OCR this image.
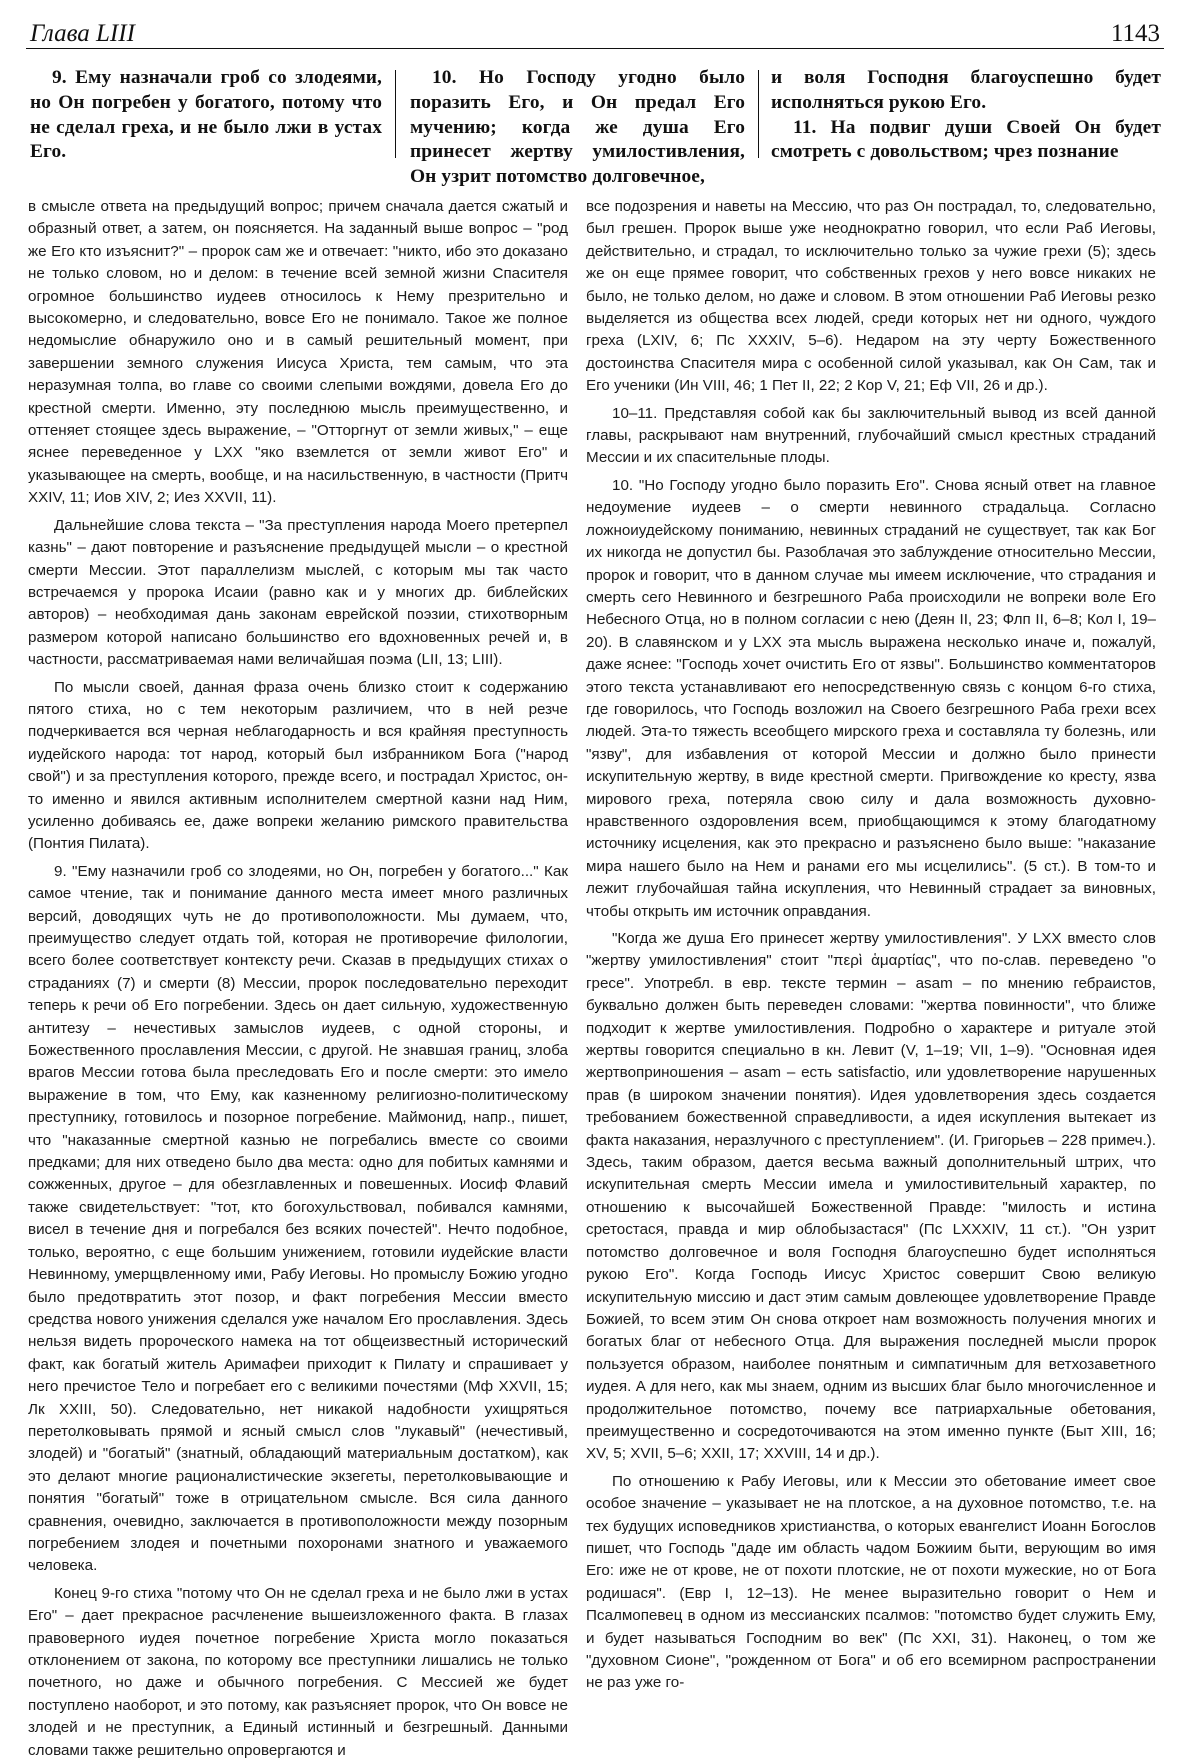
Глава LIII	1143

9. Ему назначали гроб со злодеями, но Он погребен у богатого, потому что не сделал греха, и не было лжи в устах Его.

10. Но Господу угодно было поразить Его, и Он предал Его мучению; когда же душа Его принесет жертву умилостивления, Он узрит потомство долговечное,

и воля Господня благоуспешно будет исполняться рукою Его.

11. На подвиг души Своей Он будет смотреть с довольством; чрез познание

в смысле ответа на предыдущий вопрос; причем сначала дается сжатый и образный ответ, а затем, он поясняется. На заданный выше вопрос – "род же Его кто изъяснит?" – пророк сам же и отвечает: "никто, ибо это доказано не только словом, но и делом: в течение всей земной жизни Спасителя огромное большинство иудеев относилось к Нему презрительно и высокомерно, и следовательно, вовсе Его не понимало. Такое же полное недомыслие обнаружило оно и в самый решительный момент, при завершении земного служения Иисуса Христа, тем самым, что эта неразумная толпа, во главе со своими слепыми вождями, довела Его до крестной смерти. Именно, эту последнюю мысль преимущественно, и оттеняет стоящее здесь выражение, – "Отторгнут от земли живых," – еще яснее переведенное у LXX "яко вземлется от земли живот Его" и указывающее на смерть, вообще, и на насильственную, в частности (Притч XXIV, 11; Иов XIV, 2; Иез XXVII, 11).

Дальнейшие слова текста – "За преступления народа Моего претерпел казнь" – дают повторение и разъяснение предыдущей мысли – о крестной смерти Мессии. Этот параллелизм мыслей, с которым мы так часто встречаемся у пророка Исаии (равно как и у многих др. библейских авторов) – необходимая дань законам еврейской поэзии, стихотворным размером которой написано большинство его вдохновенных речей и, в частности, рассматриваемая нами величайшая поэма (LII, 13; LIII).

По мысли своей, данная фраза очень близко стоит к содержанию пятого стиха, но с тем некоторым различием, что в ней резче подчеркивается вся черная неблагодарность и вся крайняя преступность иудейского народа: тот народ, который был избранником Бога ("народ свой") и за преступления которого, прежде всего, и пострадал Христос, он-то именно и явился активным исполнителем смертной казни над Ним, усиленно добиваясь ее, даже вопреки желанию римского правительства (Понтия Пилата).

9. "Ему назначили гроб со злодеями, но Он, погребен у богатого..." Как самое чтение, так и понимание данного места имеет много различных версий, доводящих чуть не до противоположности. Мы думаем, что, преимущество следует отдать той, которая не противоречие филологии, всего более соответствует контексту речи. Сказав в предыдущих стихах о страданиях (7) и смерти (8) Мессии, пророк последовательно переходит теперь к речи об Его погребении. Здесь он дает сильную, художественную антитезу – нечестивых замыслов иудеев, с одной стороны, и Божественного прославления Мессии, с другой. Не знавшая границ, злоба врагов Мессии готова была преследовать Его и после смерти: это имело выражение в том, что Ему, как казненному религиозно-политическому преступнику, готовилось и позорное погребение. Маймонид, напр., пишет, что "наказанные смертной казнью не погребались вместе со своими предками; для них отведено было два места: одно для побитых камнями и сожженных, другое – для обезглавленных и повешенных. Иосиф Флавий также свидетельствует: "тот, кто богохульствовал, побивался камнями, висел в течение дня и погребался без всяких почестей". Нечто подобное, только, вероятно, с еще большим унижением, готовили иудейские власти Невинному, умерщвленному ими, Рабу Иеговы. Но промыслу Божию угодно было предотвратить этот позор, и факт погребения Мессии вместо средства нового унижения сделался уже началом Его прославления. Здесь нельзя видеть пророческого намека на тот общеизвестный исторический факт, как богатый житель Аримафеи приходит к Пилату и спрашивает у него пречистое Тело и погребает его с великими почестями (Мф XXVII, 15; Лк XXIII, 50). Следовательно, нет никакой надобности ухищряться перетолковывать прямой и ясный смысл слов "лукавый" (нечестивый, злодей) и "богатый" (знатный, обладающий материальным достатком), как это делают многие рационалистические экзегеты, перетолковывающие и понятия "богатый" тоже в отрицательном смысле. Вся сила данного сравнения, очевидно, заключается в противоположности между позорным погребением злодея и почетными похоронами знатного и уважаемого человека.

Конец 9-го стиха "потому что Он не сделал греха и не было лжи в устах Его" – дает прекрасное расчленение вышеизложенного факта. В глазах правоверного иудея почетное погребение Христа могло показаться отклонением от закона, по которому все преступники лишались не только почетного, но даже и обычного погребения. С Мессией же будет поступлено наоборот, и это потому, как разъясняет пророк, что Он вовсе не злодей и не преступник, а Единый истинный и безгрешный. Данными словами также решительно опровергаются и

все подозрения и наветы на Мессию, что раз Он пострадал, то, следовательно, был грешен. Пророк выше уже неоднократно говорил, что если Раб Иеговы, действительно, и страдал, то исключительно только за чужие грехи (5); здесь же он еще прямее говорит, что собственных грехов у него вовсе никаких не было, не только делом, но даже и словом. В этом отношении Раб Иеговы резко выделяется из общества всех людей, среди которых нет ни одного, чуждого греха (LXIV, 6; Пс XXXIV, 5–6). Недаром на эту черту Божественного достоинства Спасителя мира с особенной силой указывал, как Он Сам, так и Его ученики (Ин VIII, 46; 1 Пет II, 22; 2 Кор V, 21; Еф VII, 26 и др.).

10–11. Представляя собой как бы заключительный вывод из всей данной главы, раскрывают нам внутренний, глубочайший смысл крестных страданий Мессии и их спасительные плоды.

10. "Но Господу угодно было поразить Его". Снова ясный ответ на главное недоумение иудеев – о смерти невинного страдальца. Согласно ложноиудейскому пониманию, невинных страданий не существует, так как Бог их никогда не допустил бы. Разоблачая это заблуждение относительно Мессии, пророк и говорит, что в данном случае мы имеем исключение, что страдания и смерть сего Невинного и безгрешного Раба происходили не вопреки воле Его Небесного Отца, но в полном согласии с нею (Деян II, 23; Флп II, 6–8; Кол I, 19–20). В славянском и у LXX эта мысль выражена несколько иначе и, пожалуй, даже яснее: "Господь хочет очистить Его от язвы". Большинство комментаторов этого текста устанавливают его непосредственную связь с концом 6-го стиха, где говорилось, что Господь возложил на Своего безгрешного Раба грехи всех людей. Эта-то тяжесть всеобщего мирского греха и составляла ту болезнь, или "язву", для избавления от которой Мессии и должно было принести искупительную жертву, в виде крестной смерти. Пригвождение ко кресту, язва мирового греха, потеряла свою силу и дала возможность духовно-нравственного оздоровления всем, приобщающимся к этому благодатному источнику исцеления, как это прекрасно и разъяснено было выше: "наказание мира нашего было на Нем и ранами его мы исцелились". (5 ст.). В том-то и лежит глубочайшая тайна искупления, что Невинный страдает за виновных, чтобы открыть им источник оправдания.

"Когда же душа Его принесет жертву умилостивления". У LXX вместо слов "жертву умилостивления" стоит "περὶ ἁμαρτίας", что по-слав. переведено "о гресе". Употребл. в евр. тексте термин – asam – по мнению гебраистов, буквально должен быть переведен словами: "жертва повинности", что ближе подходит к жертве умилостивления. Подробно о характере и ритуале этой жертвы говорится специально в кн. Левит (V, 1–19; VII, 1–9). "Основная идея жертвоприношения – asam – есть satisfactio, или удовлетворение нарушенных прав (в широком значении понятия). Идея удовлетворения здесь создается требованием божественной справедливости, а идея искупления вытекает из факта наказания, неразлучного с преступлением". (И. Григорьев – 228 примеч.). Здесь, таким образом, дается весьма важный дополнительный штрих, что искупительная смерть Мессии имела и умилостивительный характер, по отношению к высочайшей Божественной Правде: "милость и истина сретостася, правда и мир облобызастася" (Пс LXXXIV, 11 ст.). "Он узрит потомство долговечное и воля Господня благоуспешно будет исполняться рукою Его". Когда Господь Иисус Христос совершит Свою великую искупительную миссию и даст этим самым довлеющее удовлетворение Правде Божией, то всем этим Он снова откроет нам возможность получения многих и богатых благ от небесного Отца. Для выражения последней мысли пророк пользуется образом, наиболее понятным и симпатичным для ветхозаветного иудея. А для него, как мы знаем, одним из высших благ было многочисленное и продолжительное потомство, почему все патриархальные обетования, преимущественно и сосредоточиваются на этом именно пункте (Быт XIII, 16; XV, 5; XVII, 5–6; XXII, 17; XXVIII, 14 и др.).

По отношению к Рабу Иеговы, или к Мессии это обетование имеет свое особое значение – указывает не на плотское, а на духовное потомство, т.е. на тех будущих исповедников христианства, о которых евангелист Иоанн Богослов пишет, что Господь "даде им область чадом Божиим быти, верующим во имя Его: иже не от крове, не от похоти плотские, не от похоти мужеские, но от Бога родишася". (Евр I, 12–13). Не менее выразительно говорит о Нем и Псалмопевец в одном из мессианских псалмов: "потомство будет служить Ему, и будет называться Господним во век" (Пс XXI, 31). Наконец, о том же "духовном Сионе", "рожденном от Бога" и об его всемирном распространении не раз уже го-
